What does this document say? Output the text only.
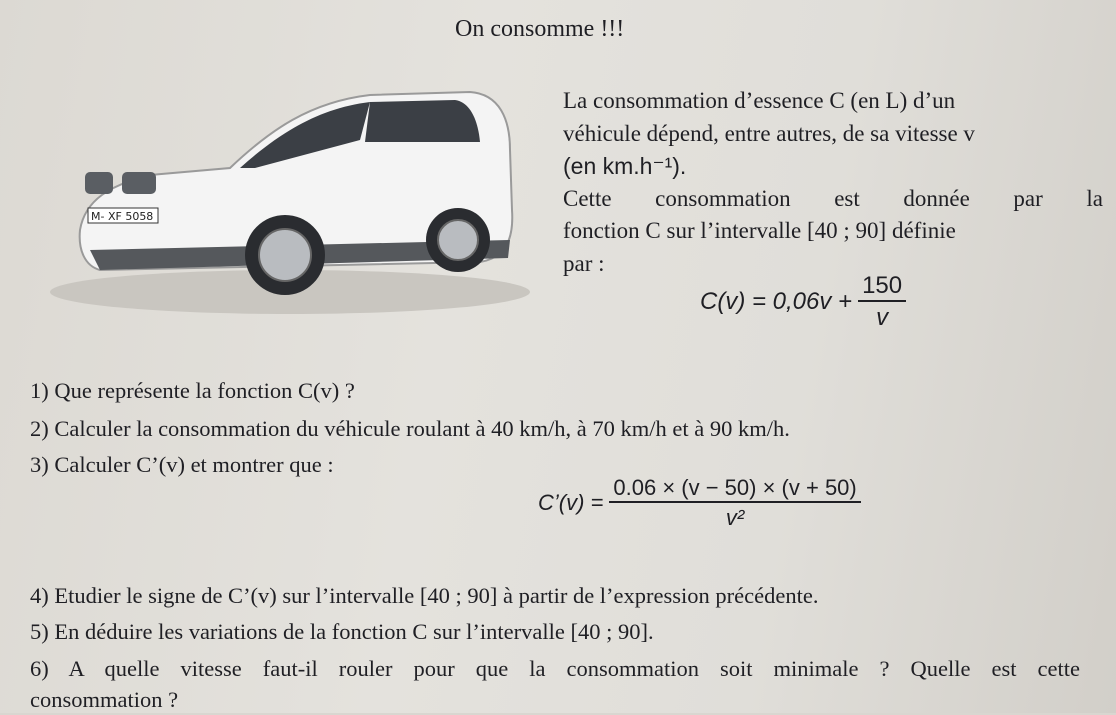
On consomme !!!
M- XF 5058
La consommation d’essence C (en L) d’un
véhicule dépend, entre autres, de sa vitesse v
(en km.h⁻¹).
Cette consommation est donnée par la
fonction C sur l’intervalle [40 ; 90] définie
par :
$C(v) = 0,06v + \frac{150}{v}$
1) Que représente la fonction C(v) ?
2) Calculer la consommation du véhicule roulant à 40 km/h, à 70 km/h et à 90 km/h.
3) Calculer C’(v) et montrer que :
C’(v) = $\frac{0.06 \times (v - 50) \times (v + 50)}{\text{v²}}$
4) Etudier le signe de C’(v) sur l’intervalle [40 ; 90] à partir de l’expression précédente.
5) En déduire les variations de la fonction C sur l’intervalle [40 ; 90].
6) A quelle vitesse faut-il rouler pour que la consommation soit minimale ? Quelle est cette
consommation ?
